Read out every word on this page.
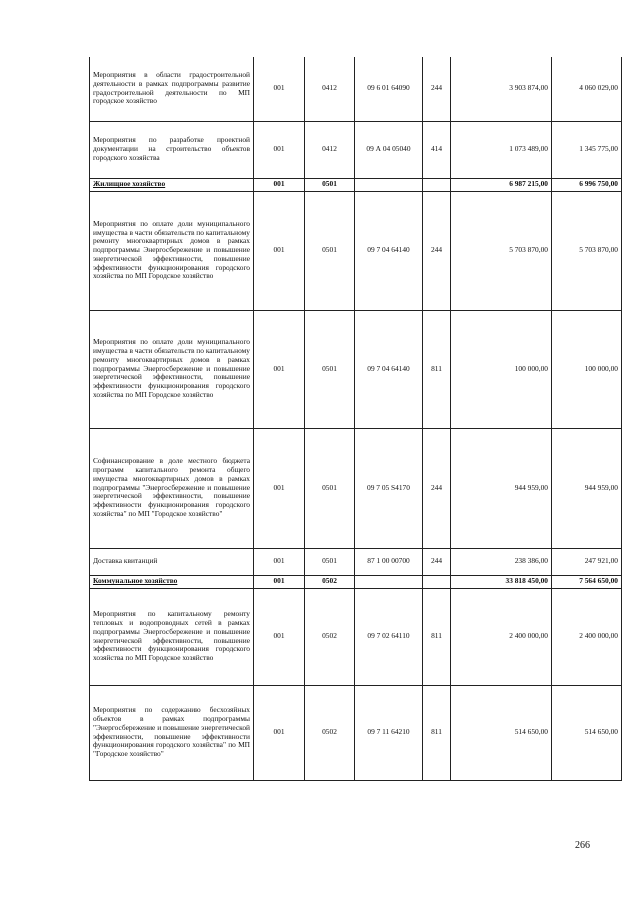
Мероприятия в области градостроительной деятельности в рамках подпрограммы развитие градостроительной деятельности по МП городское хозяйство	001	0412	09 6 01 64090	244	3 903 874,00	4 060 029,00
Мероприятия по разработке проектной документации на строительство объектов городского хозяйства	001	0412	09 А 04 05040	414	1 073 489,00	1 345 775,00
Жилищное хозяйство	001	0501			6 987 215,00	6 996 750,00
Мероприятия по оплате доли муниципального имущества в части обязательств по капитальному ремонту многоквартирных домов в рамках подпрограммы Энергосбережение и повышение энергетической эффективности, повышение эффективности функционирования городского хозяйства по МП Городское хозяйство	001	0501	09 7 04 64140	244	5 703 870,00	5 703 870,00
Мероприятия по оплате доли муниципального имущества в части обязательств по капитальному ремонту многоквартирных домов в рамках подпрограммы Энергосбережение и повышение энергетической эффективности, повышение эффективности функционирования городского хозяйства по МП Городское хозяйство	001	0501	09 7 04 64140	811	100 000,00	100 000,00
Софинансирование в доле местного бюджета программ капитального ремонта общего имущества многоквартирных домов в рамках подпрограммы "Энергосбережение и повышение энергетической эффективности, повышение эффективности функционирования городского хозяйства" по МП "Городское хозяйство"	001	0501	09 7 05 S4170	244	944 959,00	944 959,00
Доставка квитанций	001	0501	87 1 00 00700	244	238 386,00	247 921,00
Коммунальное хозяйство	001	0502			33 818 450,00	7 564 650,00
Мероприятия по капитальному ремонту тепловых и водопроводных сетей в рамках подпрограммы Энергосбережение и повышение энергетической эффективности, повышение эффективности функционирования городского хозяйства по МП Городское хозяйство	001	0502	09 7 02 64110	811	2 400 000,00	2 400 000,00
Мероприятия по содержанию бесхозяйных объектов в рамках подпрограммы "Энергосбережение и повышение энергетической эффективности, повышение эффективности функционирования городского хозяйства" по МП "Городское хозяйство"	001	0502	09 7 11 64210	811	514 650,00	514 650,00
266
